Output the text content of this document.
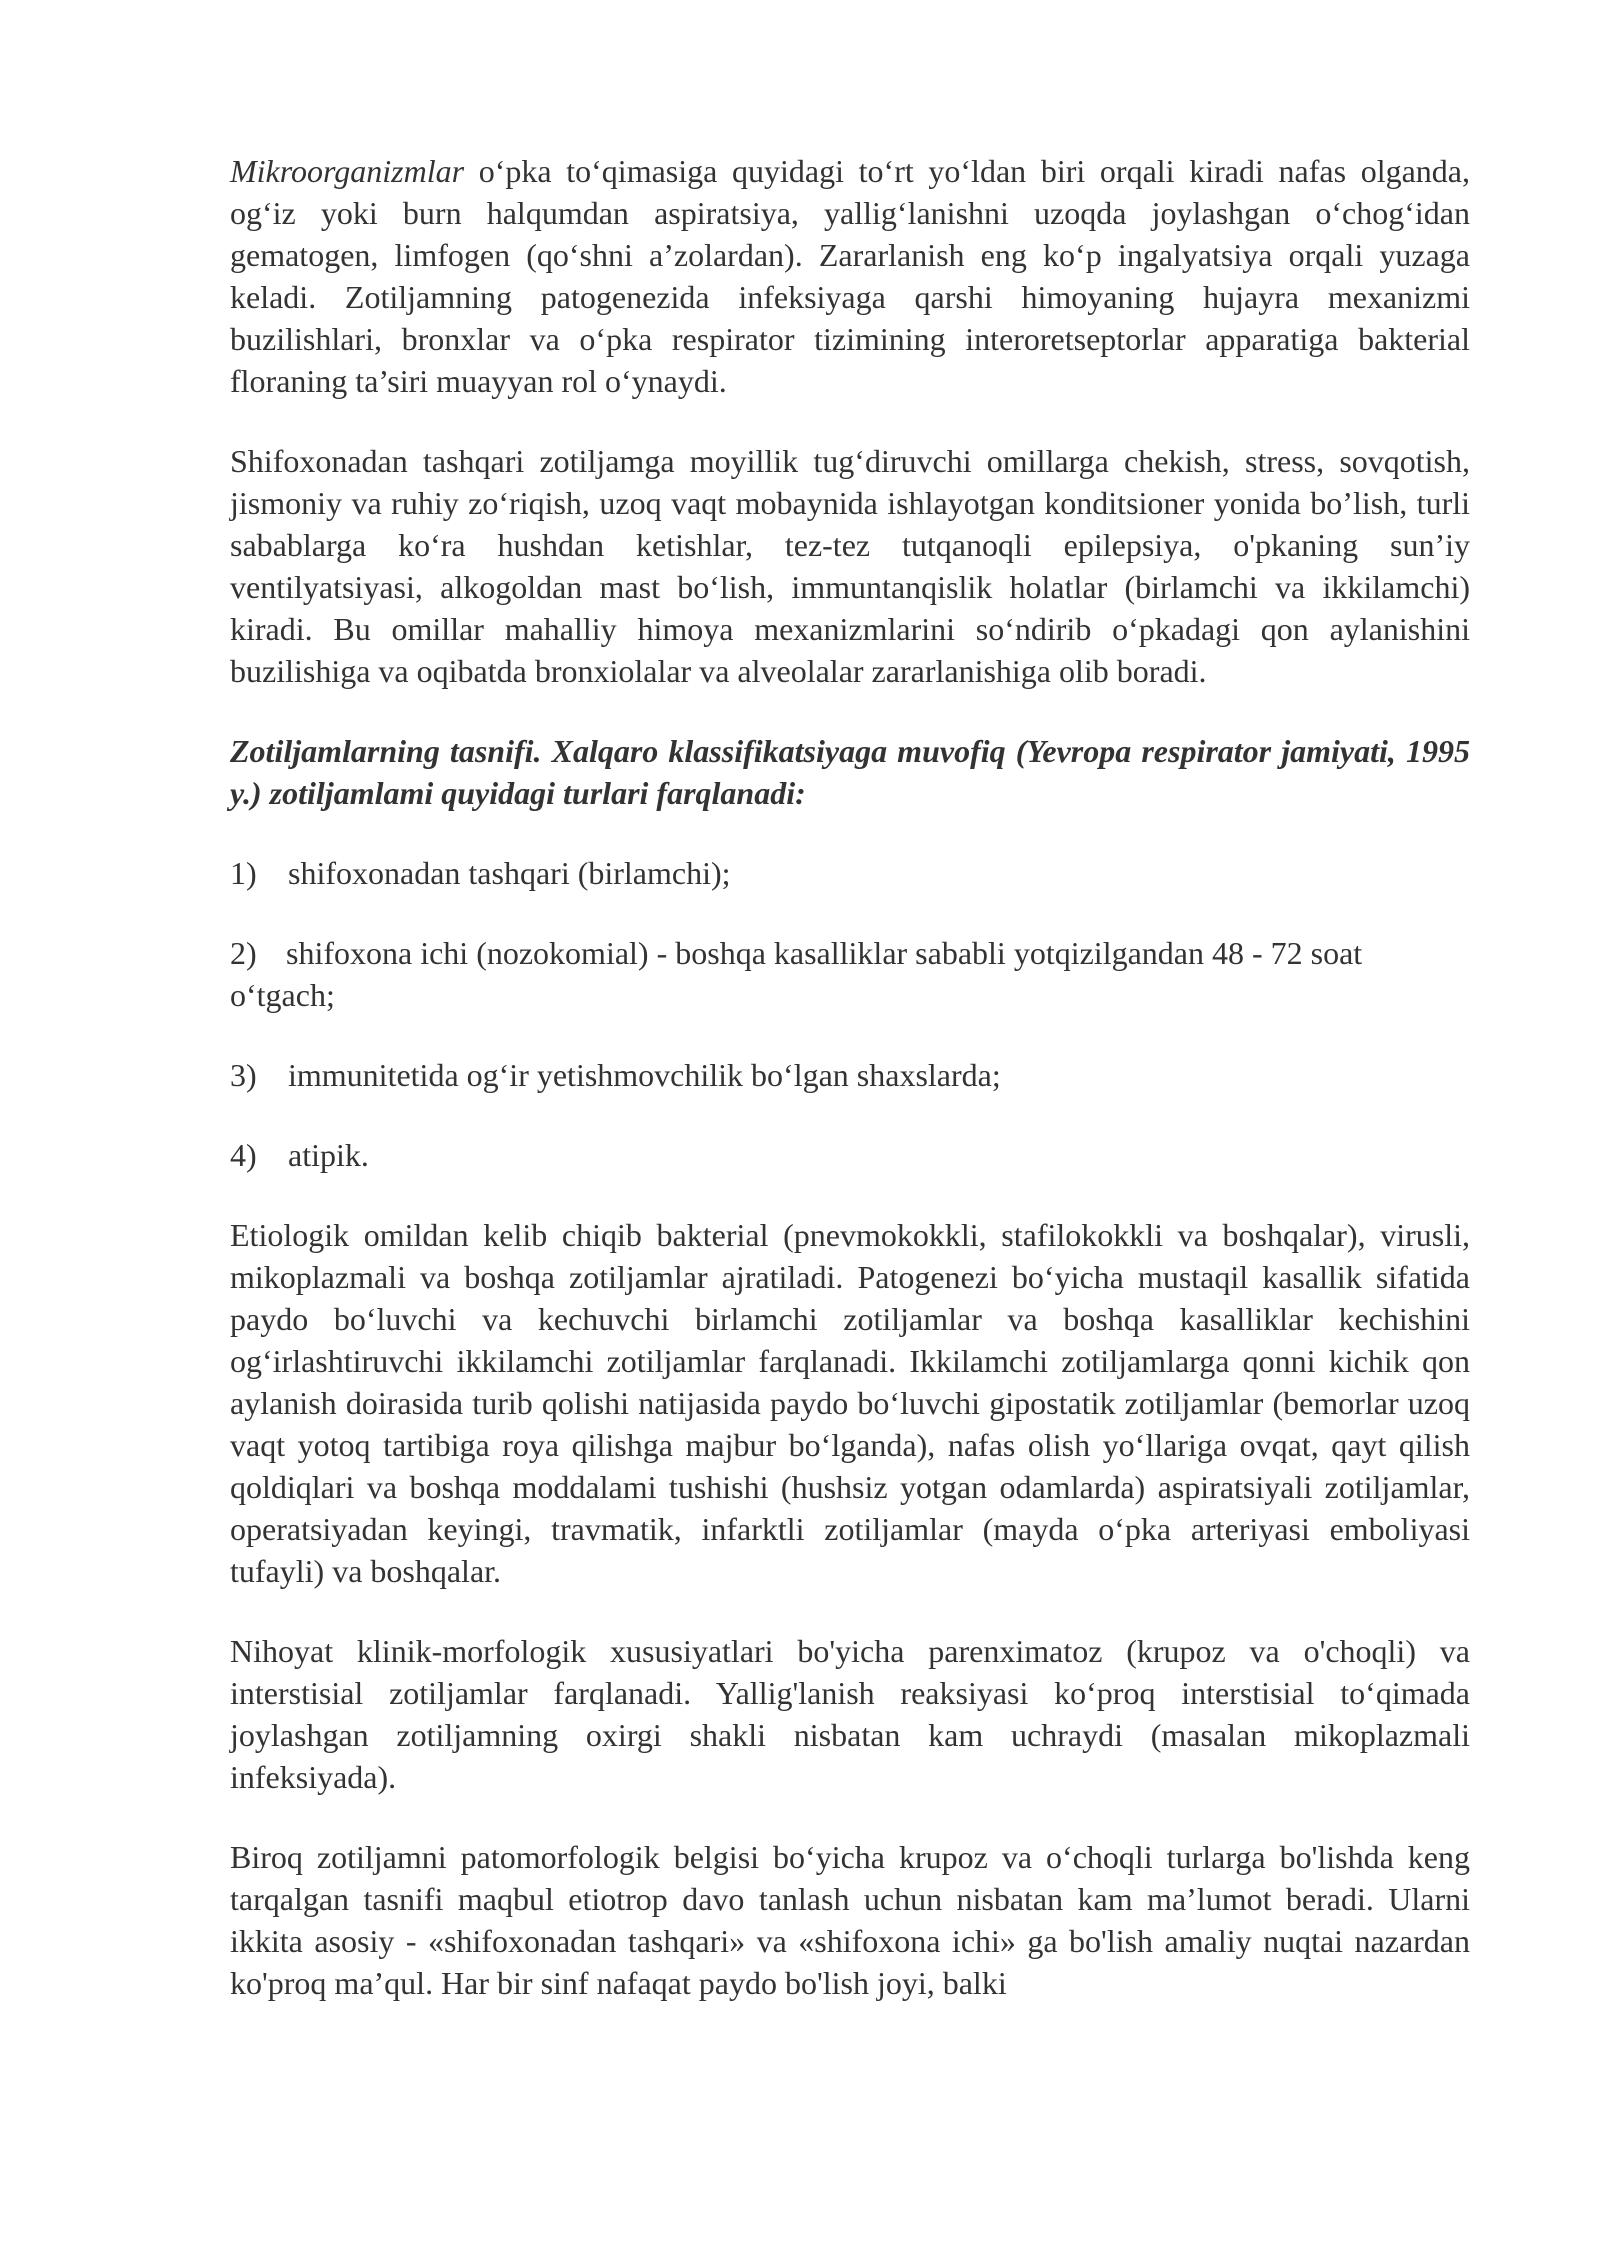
Mikroorganizmlar o‘pka to‘qimasiga quyidagi to‘rt yo‘ldan biri orqali kiradi nafas olganda, og‘iz yoki burn halqumdan aspiratsiya, yallig‘lanishni uzoqda joylashgan o‘chog‘idan gematogen, limfogen (qo‘shni a’zolardan). Zararlanish eng ko‘p ingalyatsiya orqali yuzaga keladi. Zotiljamning patogenezida infeksiyaga qarshi himoyaning hujayra mexanizmi buzilishlari, bronxlar va o‘pka respirator tizimining interoretseptorlar apparatiga bakterial floraning ta’siri muayyan rol o‘ynaydi.

Shifoxonadan tashqari zotiljamga moyillik tug‘diruvchi omillarga chekish, stress, sovqotish, jismoniy va ruhiy zo‘riqish, uzoq vaqt mobaynida ishlayotgan konditsioner yonida bo’lish, turli sabablarga ko‘ra hushdan ketishlar, tez-tez tutqanoqli epilepsiya, o'pkaning sun’iy ventilyatsiyasi, alkogoldan mast bo‘lish, immuntanqislik holatlar (birlamchi va ikkilamchi) kiradi. Bu omillar mahalliy himoya mexanizmlarini so‘ndirib o‘pkadagi qon aylanishini buzilishiga va oqibatda bronxiolalar va alveolalar zararlanishiga olib boradi.

Zotiljamlarning tasnifi. Xalqaro klassifikatsiyaga muvofiq (Yevropa respirator jamiyati, 1995 y.) zotiljamlami quyidagi turlari farqlanadi:

1) shifoxonadan tashqari (birlamchi);
2) shifoxona ichi (nozokomial) - boshqa kasalliklar sababli yotqizilgandan 48 - 72 soat o‘tgach;
3) immunitetida og‘ir yetishmovchilik bo‘lgan shaxslarda;
4) atipik.

Etiologik omildan kelib chiqib bakterial (pnevmokokkli, stafilokokkli va boshqalar), virusli, mikoplazmali va boshqa zotiljamlar ajratiladi. Patogenezi bo‘yicha mustaqil kasallik sifatida paydo bo‘luvchi va kechuvchi birlamchi zotiljamlar va boshqa kasalliklar kechishini og‘irlashtiruvchi ikkilamchi zotiljamlar farqlanadi. Ikkilamchi zotiljamlarga qonni kichik qon aylanish doirasida turib qolishi natijasida paydo bo‘luvchi gipostatik zotiljamlar (bemorlar uzoq vaqt yotoq tartibiga roya qilishga majbur bo‘lganda), nafas olish yo‘llariga ovqat, qayt qilish qoldiqlari va boshqa moddalami tushishi (hushsiz yotgan odamlarda) aspiratsiyali zotiljamlar, operatsiyadan keyingi, travmatik, infarktli zotiljamlar (mayda o‘pka arteriyasi emboliyasi tufayli) va boshqalar.

Nihoyat klinik-morfologik xususiyatlari bo'yicha parenximatoz (krupoz va o'choqli) va interstisial zotiljamlar farqlanadi. Yallig'lanish reaksiyasi ko‘proq interstisial to‘qimada joylashgan zotiljamning oxirgi shakli nisbatan kam uchraydi (masalan mikoplazmali infeksiyada).

Biroq zotiljamni patomorfologik belgisi bo‘yicha krupoz va o‘choqli turlarga bo'lishda keng tarqalgan tasnifi maqbul etiotrop davo tanlash uchun nisbatan kam ma’lumot beradi. Ularni ikkita asosiy - «shifoxonadan tashqari» va «shifoxona ichi» ga bo'lish amaliy nuqtai nazardan ko'proq ma’qul. Har bir sinf nafaqat paydo bo'lish joyi, balki
